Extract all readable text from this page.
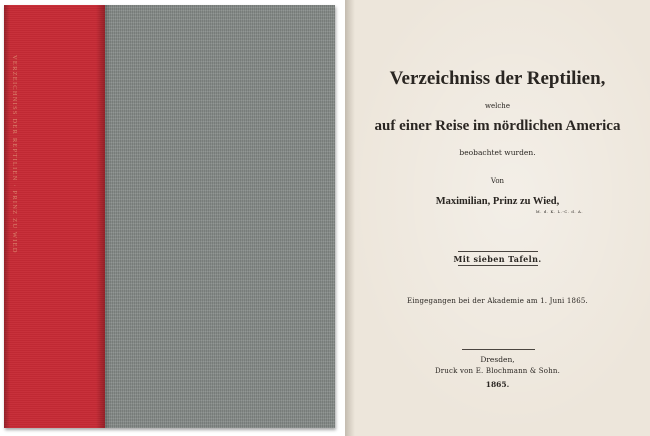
VERZEICHNISS DER REPTILIEN · PRINZ ZU WIED	Verzeichniss der Reptilien,
welche
auf einer Reise im nördlichen America
beobachtet wurden.
Von
Maximilian, Prinz zu Wied,
M. d. K. L.-C. d. A.
Mit sieben Tafeln.
Eingegangen bei der Akademie am 1. Juni 1865.
Dresden,
Druck von E. Blochmann & Sohn.
1865.
